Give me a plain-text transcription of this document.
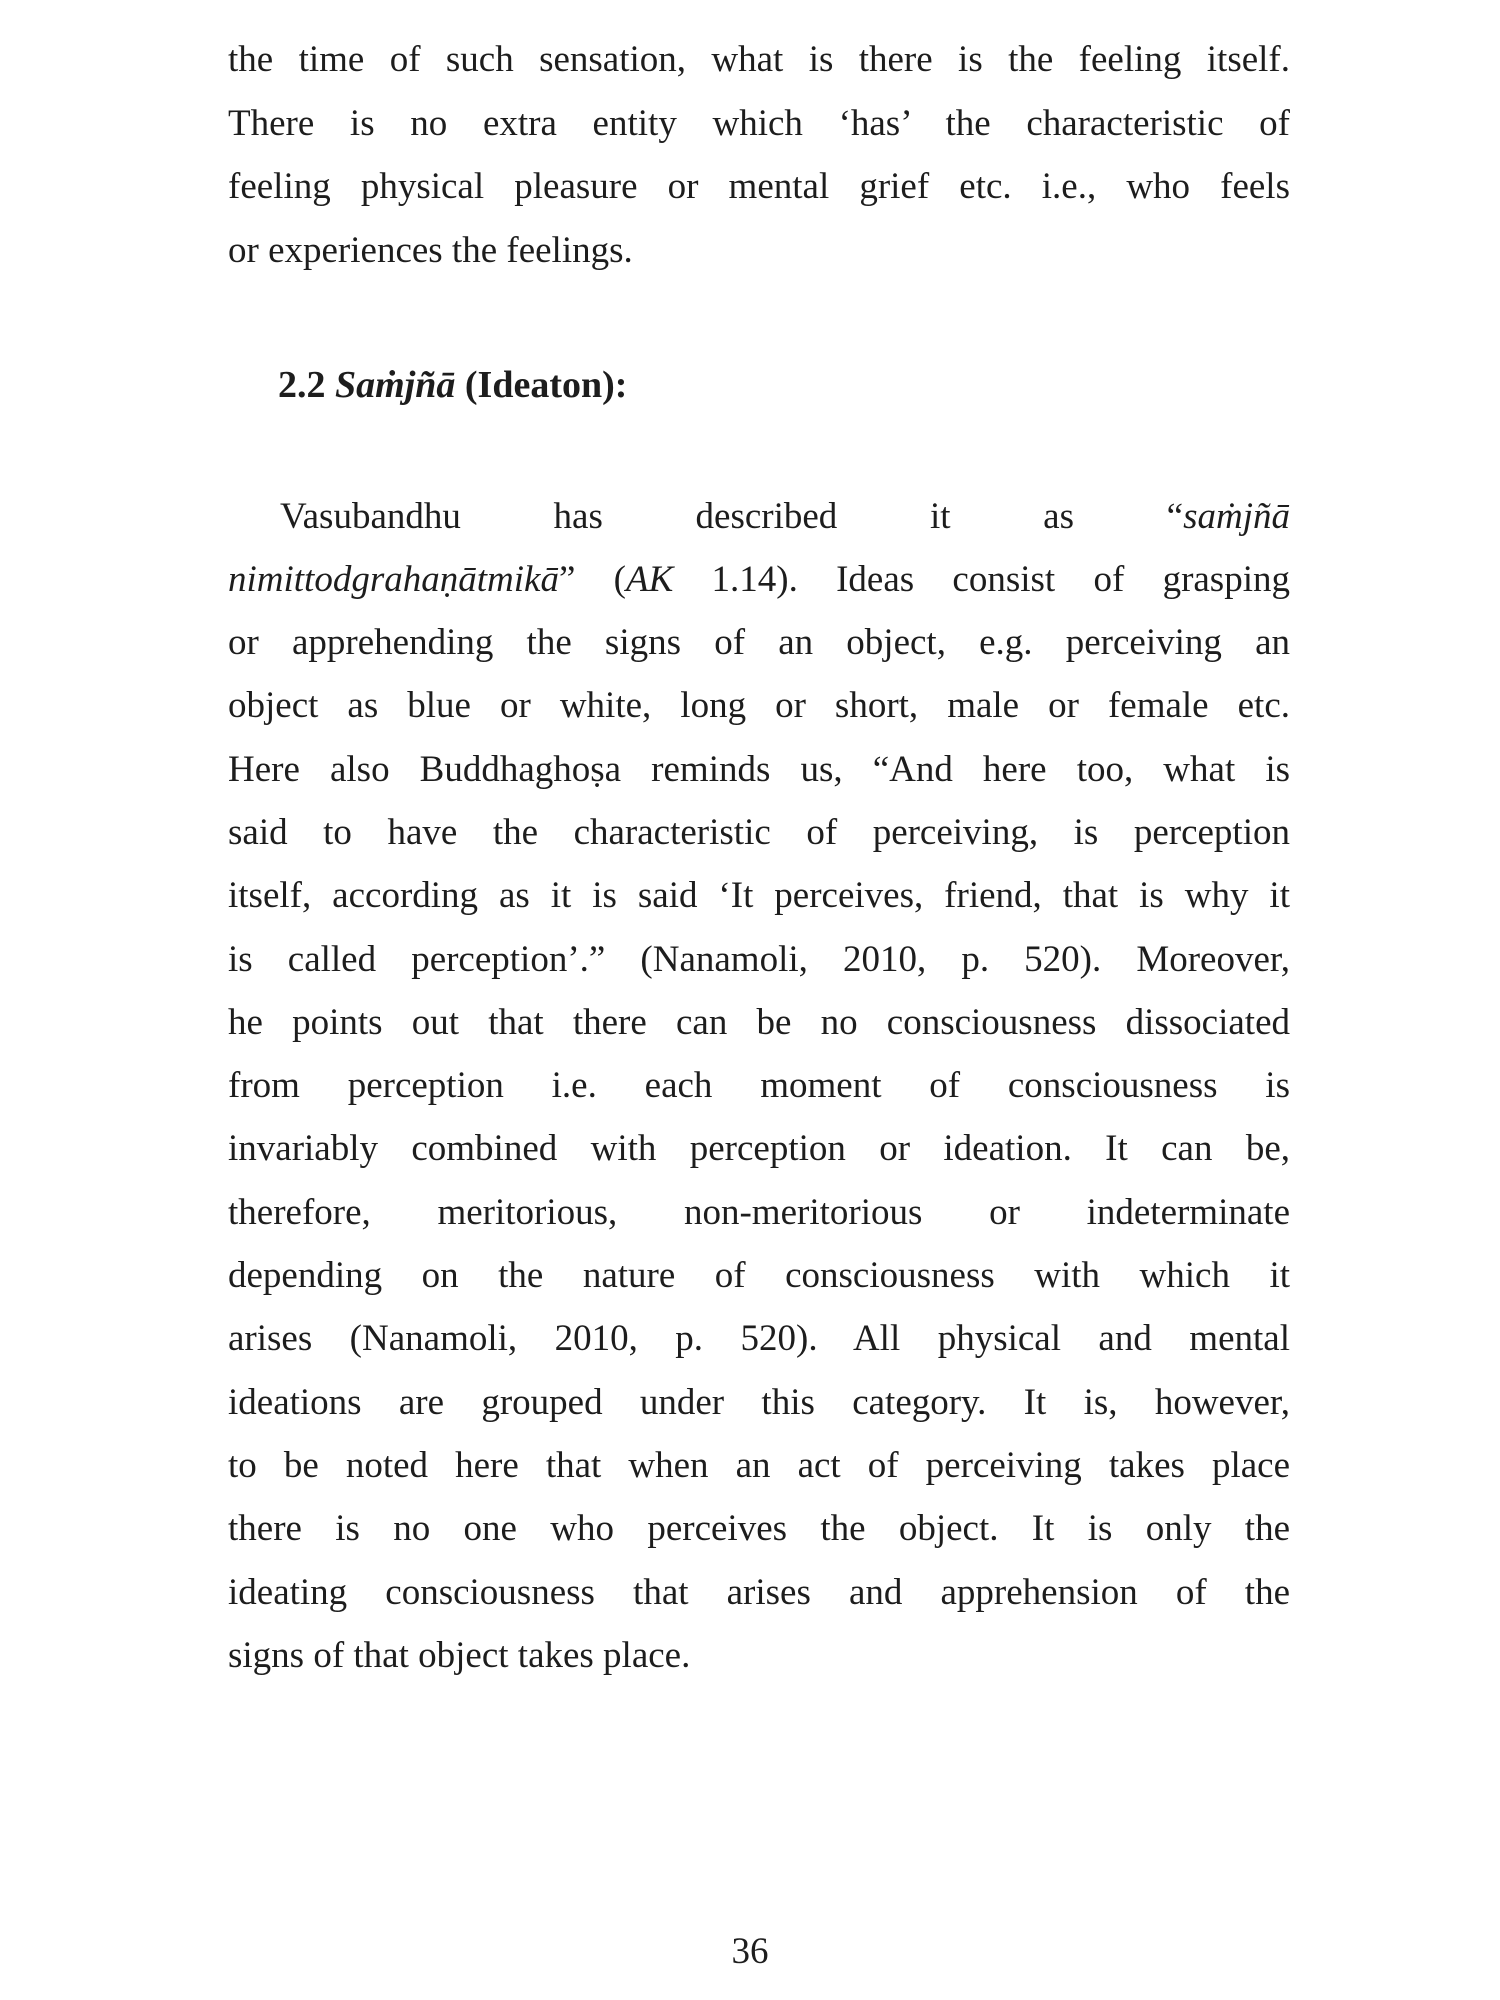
the time of such sensation, what is there is the feeling itself.
There is no extra entity which ‘has’ the characteristic of
feeling physical pleasure or mental grief etc. i.e., who feels
or experiences the feelings.
2.2 Saṁjñā (Ideaton):
Vasubandhu has described it as “saṁjñā
nimittodgrahaṇātmikā” (AK 1.14). Ideas consist of grasping
or apprehending the signs of an object, e.g. perceiving an
object as blue or white, long or short, male or female etc.
Here also Buddhaghoṣa reminds us, “And here too, what is
said to have the characteristic of perceiving, is perception
itself, according as it is said ‘It perceives, friend, that is why it
is called perception’.” (Nanamoli, 2010, p. 520). Moreover,
he points out that there can be no consciousness dissociated
from perception i.e. each moment of consciousness is
invariably combined with perception or ideation. It can be,
therefore, meritorious, non-meritorious or indeterminate
depending on the nature of consciousness with which it
arises (Nanamoli, 2010, p. 520). All physical and mental
ideations are grouped under this category. It is, however,
to be noted here that when an act of perceiving takes place
there is no one who perceives the object. It is only the
ideating consciousness that arises and apprehension of the
signs of that object takes place.
36
